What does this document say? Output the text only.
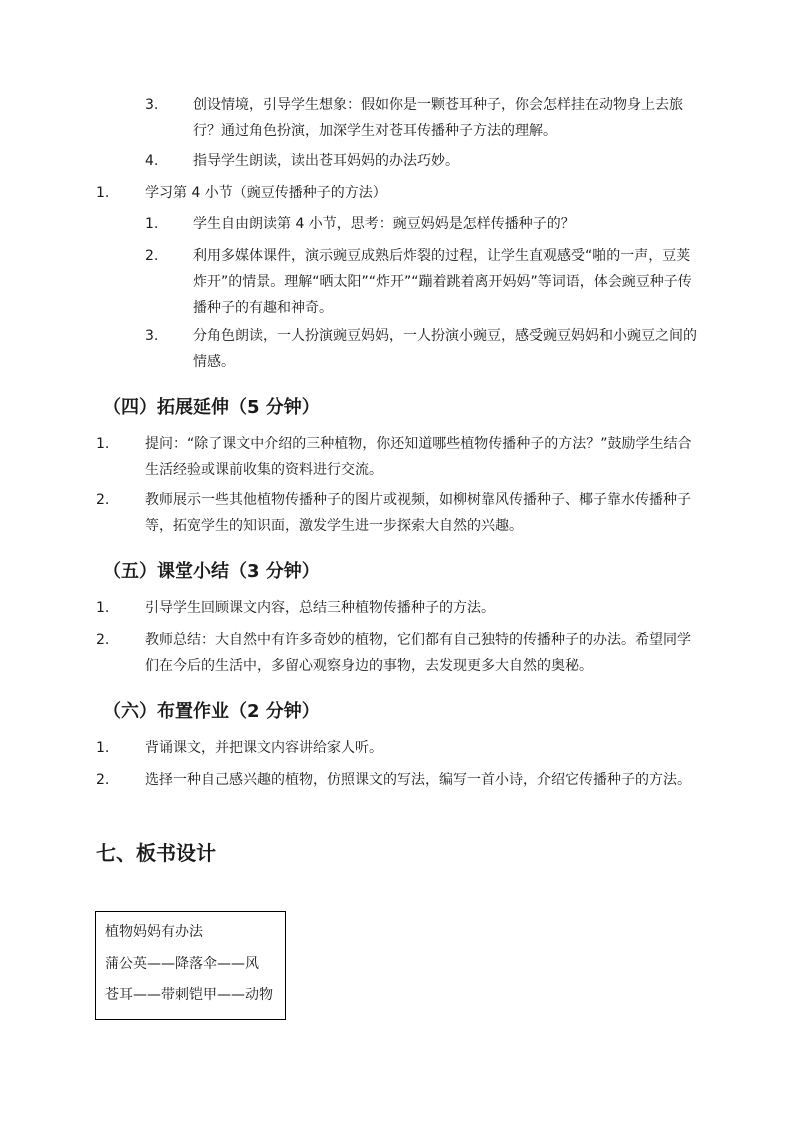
3.	创设情境，引导学生想象：假如你是一颗苍耳种子，你会怎样挂在动物身上去旅行？通过角色扮演，加深学生对苍耳传播种子方法的理解。
4.	指导学生朗读，读出苍耳妈妈的办法巧妙。
1.	学习第 4 小节（豌豆传播种子的方法）
1.	学生自由朗读第 4 小节，思考：豌豆妈妈是怎样传播种子的？
2.	利用多媒体课件，演示豌豆成熟后炸裂的过程，让学生直观感受“啪的一声，豆荚炸开”的情景。理解“晒太阳”“炸开”“蹦着跳着离开妈妈”等词语，体会豌豆种子传播种子的有趣和神奇。
3.	分角色朗读，一人扮演豌豆妈妈，一人扮演小豌豆，感受豌豆妈妈和小豌豆之间的情感。
（四）拓展延伸（5 分钟）
1.	提问：“除了课文中介绍的三种植物，你还知道哪些植物传播种子的方法？”鼓励学生结合生活经验或课前收集的资料进行交流。
2.	教师展示一些其他植物传播种子的图片或视频，如柳树靠风传播种子、椰子靠水传播种子等，拓宽学生的知识面，激发学生进一步探索大自然的兴趣。
（五）课堂小结（3 分钟）
1.	引导学生回顾课文内容，总结三种植物传播种子的方法。
2.	教师总结：大自然中有许多奇妙的植物，它们都有自己独特的传播种子的办法。希望同学们在今后的生活中，多留心观察身边的事物，去发现更多大自然的奥秘。
（六）布置作业（2 分钟）
1.	背诵课文，并把课文内容讲给家人听。
2.	选择一种自己感兴趣的植物，仿照课文的写法，编写一首小诗，介绍它传播种子的方法。
七、板书设计
植物妈妈有办法
蒲公英——降落伞——风
苍耳——带刺铠甲——动物
